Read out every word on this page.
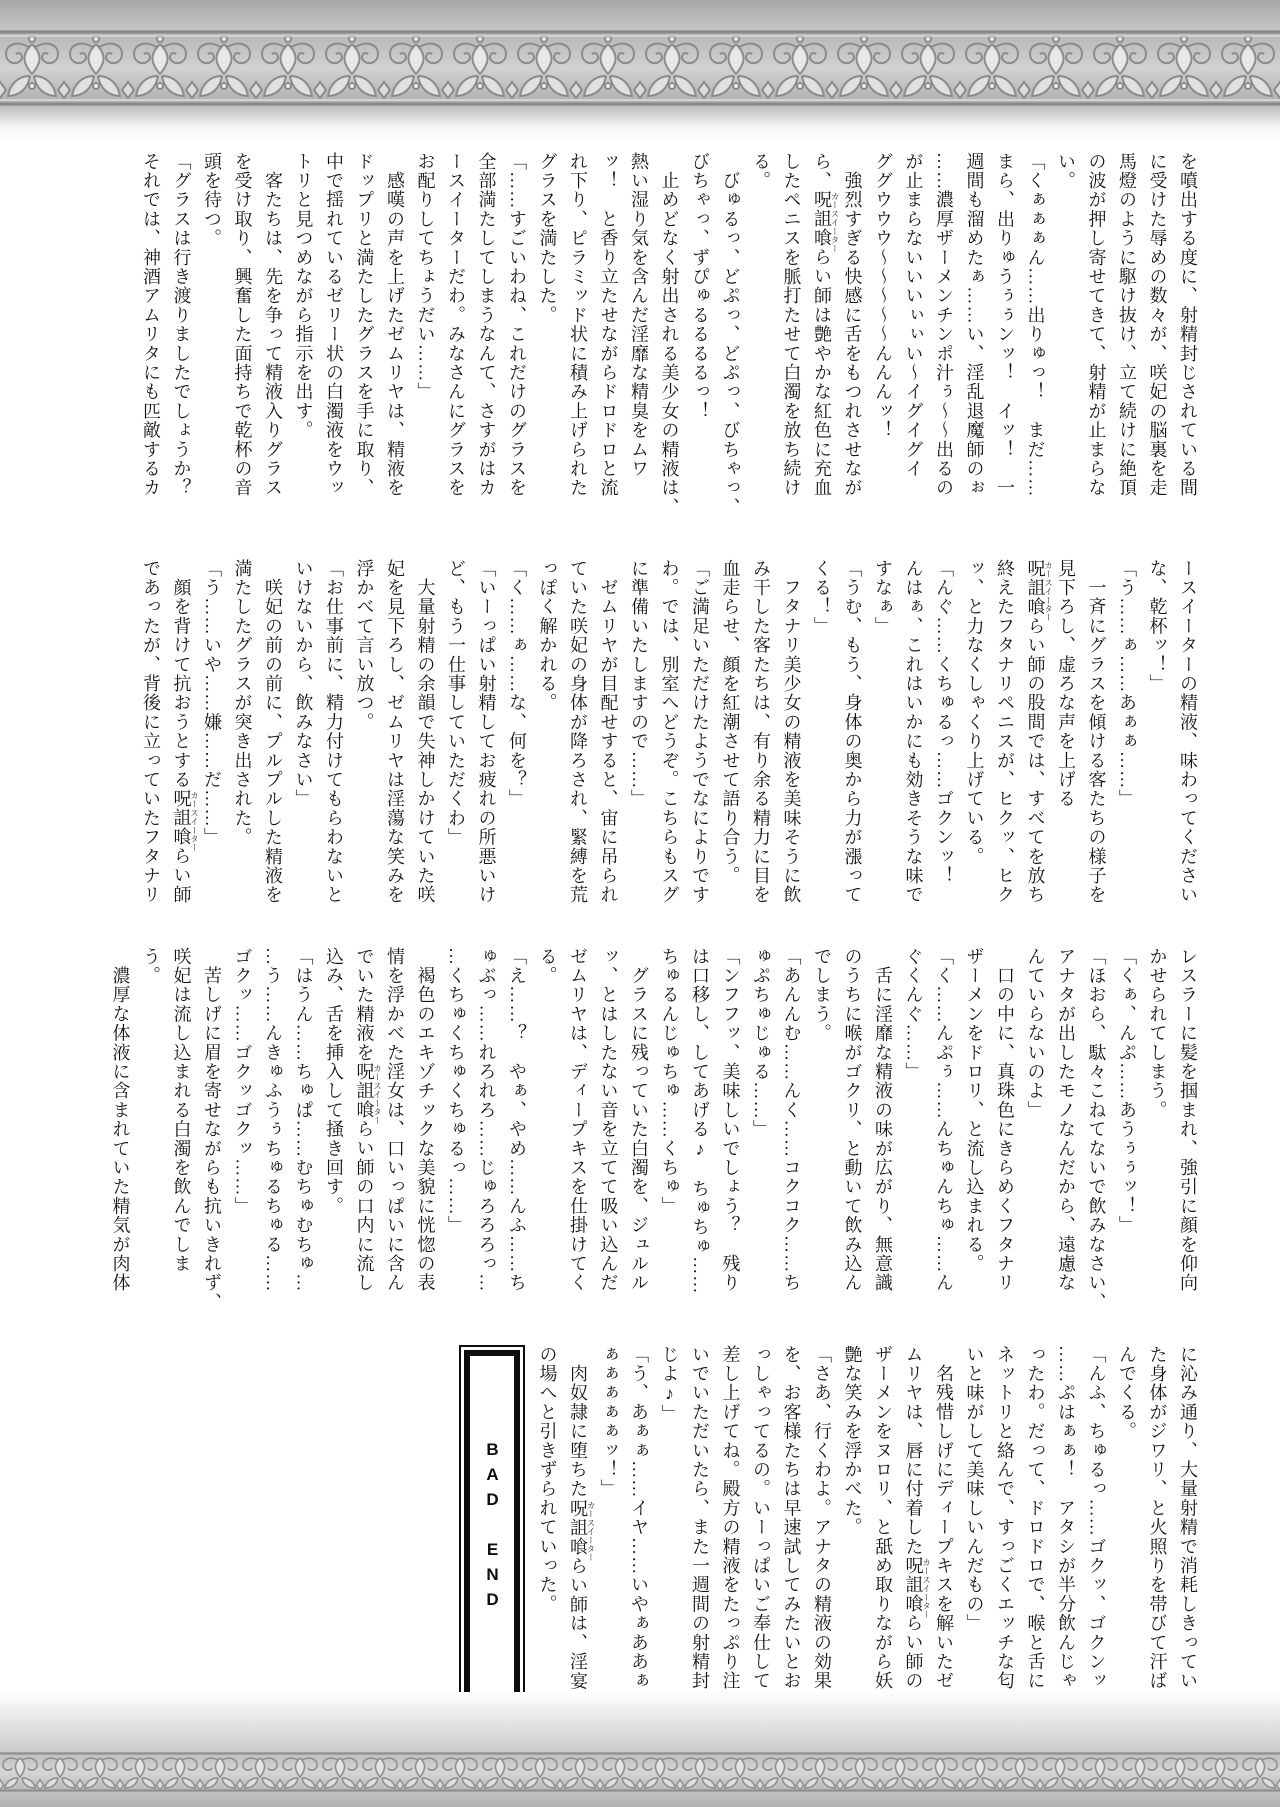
を噴出する度に、射精封じされている間
に受けた辱めの数々が、咲妃の脳裏を走
馬燈のように駆け抜け、立て続けに絶頂
の波が押し寄せてきて、射精が止まらな
い。
「くぁぁぁん……出りゅっ！　まだ……
まら、出りゅうぅぅンッ！　イッ！　一
週間も溜めたぁ……い、淫乱退魔師のぉ
……濃厚ザーメンチンポ汁ぅ～～出るの
が止まらないいいぃぃい～イグイグイ
ググウウウ～～～～～んんんッ！
　強烈すぎる快感に舌をもつれさせなが
ら、呪詛喰らい師
カースイーター
は艶やかな紅色に充血
したペニスを脈打たせて白濁を放ち続け
る。
　びゅるっ、どぷっ、どぷっ、びちゃっ、
びちゃっ、ずぴゅるるるるっ！
　止めどなく射出される美少女の精液は、
熱い湿り気を含んだ淫靡な精臭をムワ
ッ！　と香り立たせながらドロドロと流
れ下り、ピラミッド状に積み上げられた
グラスを満たした。
「……すごいわね、これだけのグラスを
全部満たしてしまうなんて、さすがはカ
ースイーターだわ。みなさんにグラスを
お配りしてちょうだい……」
　感嘆の声を上げたゼムリヤは、精液を
ドップリと満たしたグラスを手に取り、
中で揺れているゼリー状の白濁液をウッ
トリと見つめながら指示を出す。
　客たちは、先を争って精液入りグラス
を受け取り、興奮した面持ちで乾杯の音
頭を待つ。
「グラスは行き渡りましたでしょうか？
それでは、神酒アムリタにも匹敵するカ
ースイーターの精液、味わってください
な、乾杯ッ！」
「う……ぁ……あぁぁ……」
　一斉にグラスを傾ける客たちの様子を
見下ろし、虚ろな声を上げる
呪詛喰らい師
カースイーター
の股間では、すべてを放ち
終えたフタナリペニスが、ヒクッ、ヒク
ッ、と力なくしゃくり上げている。
「んぐ……くちゅるっ……ゴクンッ！
んはぁ、これはいかにも効きそうな味で
すなぁ」
「うむ、もう、身体の奥から力が漲って
くる！」
　フタナリ美少女の精液を美味そうに飲
み干した客たちは、有り余る精力に目を
血走らせ、顔を紅潮させて語り合う。
「ご満足いただけたようでなによりです
わ。では、別室へどうぞ。こちらもスグ
に準備いたしますので……」
　ゼムリヤが目配せすると、宙に吊られ
ていた咲妃の身体が降ろされ、緊縛を荒
っぽく解かれる。
「く……ぁ……な、何を？」
「いーっぱい射精してお疲れの所悪いけ
ど、もう一仕事していただくわ」
　大量射精の余韻で失神しかけていた咲
妃を見下ろし、ゼムリヤは淫蕩な笑みを
浮かべて言い放つ。
「お仕事前に、精力付けてもらわないと
いけないから、飲みなさい」
　咲妃の前の前に、プルプルした精液を
満たしたグラスが突き出された。
「う……いや……嫌……だ……」
　顔を背けて抗おうとする呪詛喰らい師
カースイーター
であったが、背後に立っていたフタナリ
レスラーに髪を掴まれ、強引に顔を仰向
かせられてしまう。
「くぁ、んぷ……あうぅぅッ！」
「ほおら、駄々こねてないで飲みなさい、
アナタが出したモノなんだから、遠慮な
んていらないのよ」
　口の中に、真珠色にきらめくフタナリ
ザーメンをドロリ、と流し込まれる。
「く……んぷぅ……んちゅんちゅ……ん
ぐくんぐ……」
　舌に淫靡な精液の味が広がり、無意識
のうちに喉がゴクリ、と動いて飲み込ん
でしまう。
「あんんむ……んく……コクコク……ち
ゅぷちゅじゅる……」
「ンフフッ、美味しいでしょう？　残り
は口移し、してあげる♪　ちゅちゅ……
ちゅるんじゅちゅ……くちゅ」
　グラスに残っていた白濁を、ジュルル
ッ、とはしたない音を立てて吸い込んだ
ゼムリヤは、ディープキスを仕掛けてく
る。
「え……？　やぁ、やめ……んふ……ち
ゅぶっ……れろれろ……じゅろろろっ…
…くちゅくちゅくちゅるっ……」
　褐色のエキゾチックな美貌に恍惚の表
情を浮かべた淫女は、口いっぱいに含ん
でいた精液を呪詛喰らい師
カースイーター
の口内に流し
込み、舌を挿入して掻き回す。
「はうん……ちゅぱ……むちゅむちゅ…
…う……んきゅふうぅちゅるちゅる……
ゴクッ……ゴクッゴクッ……」
　苦しげに眉を寄せながらも抗いきれず、
咲妃は流し込まれる白濁を飲んでしま
う。
　濃厚な体液に含まれていた精気が肉体
に沁み通り、大量射精で消耗しきってい
た身体がジワリ、と火照りを帯びて汗ば
んでくる。
「んふ、ちゅるっ……ゴクッ、ゴクンッ
……ぷはぁぁ！　アタシが半分飲んじゃ
ったわ。だって、ドロドロで、喉と舌に
ネットリと絡んで、すっごくエッチな匂
いと味がして美味しいんだもの」
　名残惜しげにディープキスを解いたゼ
ムリヤは、唇に付着した呪詛喰らい師
カースイーター
の
ザーメンをヌロリ、と舐め取りながら妖
艶な笑みを浮かべた。
「さあ、行くわよ。アナタの精液の効果
を、お客様たちは早速試してみたいとお
っしゃってるの。いーっぱいご奉仕して
差し上げてね。殿方の精液をたっぷり注
いでいただいたら、また一週間の射精封
じよ♪」
「う、あぁぁ……イヤ……いやぁああぁ
ぁぁぁぁぁッ！」
　肉奴隷に堕ちた呪詛喰らい師
カースイーター
は、淫宴
の場へと引きずられていった。
BAD END
